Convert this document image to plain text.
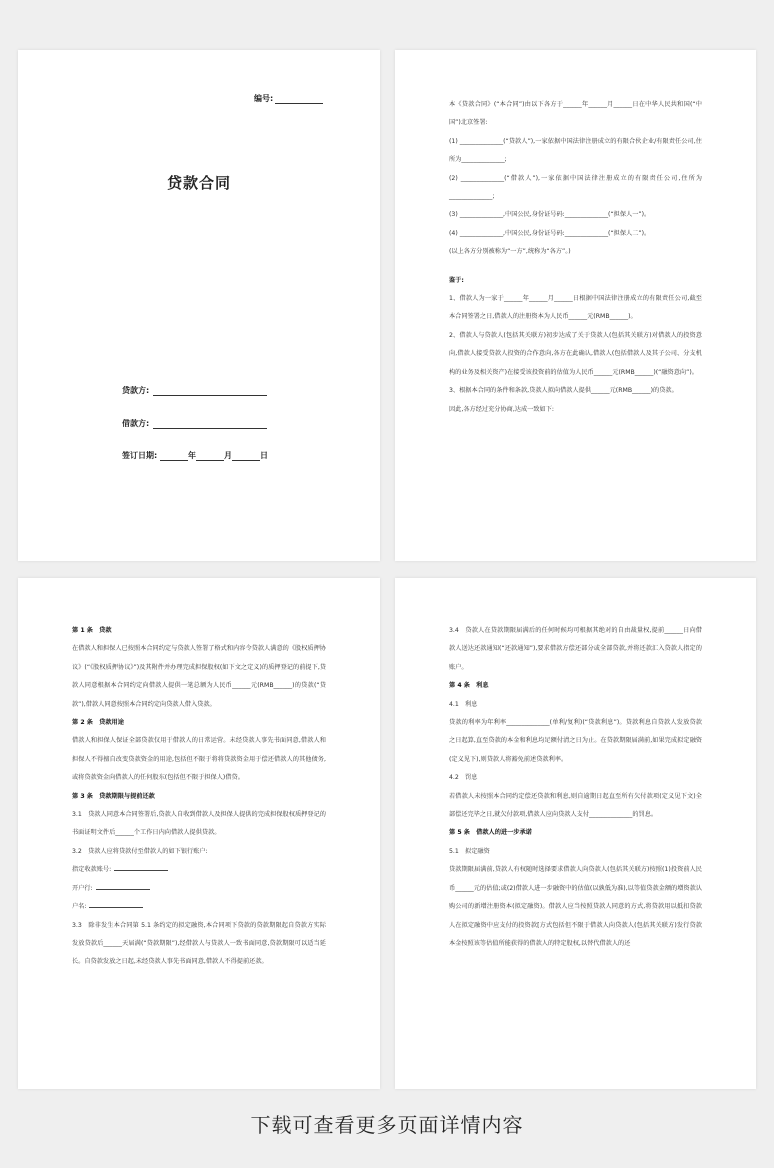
编号:
贷款合同
贷款方:
借款方:
签订日期:	年	月	日

本《贷款合同》(“本合同”)由以下各方于______年______月______日在中华人民共和国(“中国”)北京签署:

(1) ______________(“贷款人”),一家依据中国法律注册成立的有限合伙企业/有限责任公司,住所为______________;

(2) ______________(“借款人”),一家依据中国法律注册成立的有限责任公司,住所为______________;

(3) ______________,中国公民,身份证号码:______________(“担保人一”)。

(4) ______________,中国公民,身份证号码:______________(“担保人二”)。

(以上各方分别被称为“一方”,统称为“各方”。)

鉴于:

1、借款人为一家于______年______月______日根据中国法律注册成立的有限责任公司,截至本合同签署之日,借款人的注册资本为人民币______元(RMB______)。

2、借款人与贷款人(包括其关联方)初步达成了关于贷款人(包括其关联方)对借款人的投资意向,借款人接受贷款人投资的合作意向,各方在此确认,借款人(包括借款人及其子公司、分支机构的业务及相关资产)在接受该投资前的估值为人民币______元(RMB______)(“融资意向”)。

3、根据本合同的条件和条款,贷款人拟向借款人提供______元(RMB______)的贷款。

因此,各方经过充分协商,达成一致如下:

第 1 条　贷款

在借款人和担保人已按照本合同约定与贷款人签署了格式和内容令贷款人满意的《股权质押协议》(“《股权质押协议》”)及其附件并办理完成担保股权(如下文之定义)的质押登记的前提下,贷款人同意根据本合同约定向借款人提供一笔总额为人民币______元(RMB______)的贷款(“贷款”),借款人同意按照本合同约定向贷款人借入贷款。

第 2 条　贷款用途

借款人和担保人保证全部贷款仅用于借款人的日常运营。未经贷款人事先书面同意,借款人和担保人不得擅自改变贷款资金的用途,包括但不限于将将贷款资金用于偿还借款人的其他债务,或将贷款资金向借款人的任何股东(包括但不限于担保人)借贷。

第 3 条　贷款期限与提前还款

3.1　贷款人同意本合同签署后,贷款人自收到借款人及担保人提供的完成担保股权质押登记的书面证明文件后______个工作日内向借款人提供贷款。

3.2　贷款人应将贷款付至借款人的如下银行账户:

指定收款账号:

开户行:

户名:

3.3　除非发生本合同第 5.1 条约定的拟定融资,本合同项下贷款的贷款期限起自贷款方实际发放贷款后______天届满(“贷款期限”),经借款人与贷款人一致书面同意,贷款期限可以适当延长。自贷款发放之日起,未经贷款人事先书面同意,借款人不得提前还款。

3.4　贷款人在贷款期限届满后的任何时候均可根据其绝对的自由裁量权,提前______日向借款人送达还款通知(“还款通知”),要求借款方偿还部分或全部贷款,并将还款汇入贷款人指定的账户。

第 4 条　利息

4.1　利息

贷款的利率为年利率______________(单利/复利)(“贷款利息”)。贷款利息自贷款人发放贷款之日起算,直至贷款的本金和利息均足额付清之日为止。在贷款期限届满前,如果完成拟定融资(定义见下),则贷款人将豁免前述贷款利率。

4.2　罚息

若借款人未按照本合同约定偿还贷款和利息,则自逾期日起直至所有欠付款项(定义见下文)全部偿还完毕之日,就欠付款项,借款人应向贷款人支付______________的罚息。

第 5 条　借款人的进一步承诺

5.1　拟定融资

贷款期限届满前,贷款人有权随时选择要求借款人向贷款人(包括其关联方)按照(1)投资前人民币______元的估值;或(2)借款人进一步融资中的估值(以孰低为准),以等值贷款金额的增资款认购公司的新增注册资本(拟定融资)。借款人应当按照贷款人同意的方式,将贷款用以抵扣贷款人在拟定融资中应支付的投资款[方式包括但不限于借款人向贷款人(包括其关联方)发行贷款本金按照该等估值所能获得的借款人的特定股权,以替代借款人的还

下载可查看更多页面详情内容
